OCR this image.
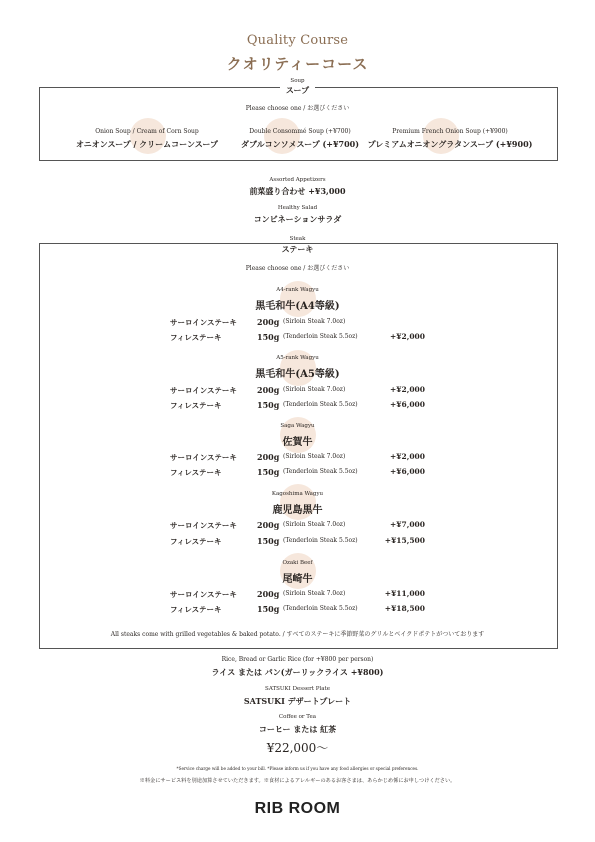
Quality Course
クオリティーコース
Soup
スープ
Please choose one / お選びください
Onion Soup / Cream of Corn Soup
オニオンスープ / クリームコーンスープ
Double Consommé Soup (+¥700)
ダブルコンソメスープ (+¥700)
Premium French Onion Soup (+¥900)
プレミアムオニオングラタンスープ (+¥900)
Assorted Appetizers
前菜盛り合わせ +¥3,000
Healthy Salad
コンビネーションサラダ
Steak
ステーキ
Please choose one / お選びください
A4-rank Wagyu
黒毛和牛(A4等級)
サーロインステーキ	200g (Sirloin Steak 7.0oz)
フィレステーキ	150g (Tenderloin Steak 5.5oz)	+¥2,000
A5-rank Wagyu
黒毛和牛(A5等級)
サーロインステーキ	200g (Sirloin Steak 7.0oz)	+¥2,000
フィレステーキ	150g (Tenderloin Steak 5.5oz)	+¥6,000
Saga Wagyu
佐賀牛
サーロインステーキ	200g (Sirloin Steak 7.0oz)	+¥2,000
フィレステーキ	150g (Tenderloin Steak 5.5oz)	+¥6,000
Kagoshima Wagyu
鹿児島黒牛
サーロインステーキ	200g (Sirloin Steak 7.0oz)	+¥7,000
フィレステーキ	150g (Tenderloin Steak 5.5oz)	+¥15,500
Ozaki Beef
尾崎牛
サーロインステーキ	200g (Sirloin Steak 7.0oz)	+¥11,000
フィレステーキ	150g (Tenderloin Steak 5.5oz)	+¥18,500
All steaks come with grilled vegetables & baked potato. / すべてのステーキに季節野菜のグリルとベイクドポテトがついております
Rice, Bread or Garlic Rice (for +¥800 per person)
ライス または パン(ガーリックライス +¥800)
SATSUKI Dessert Plate
SATSUKI デザートプレート
Coffee or Tea
コーヒー または 紅茶
¥22,000〜
*Service charge will be added to your bill. *Please inform us if you have any food allergies or special preferences.
※料金にサービス料を別途加算させていただきます。※食材によるアレルギーのあるお客さまは、あらかじめ係にお申しつけください。
RIB ROOM
